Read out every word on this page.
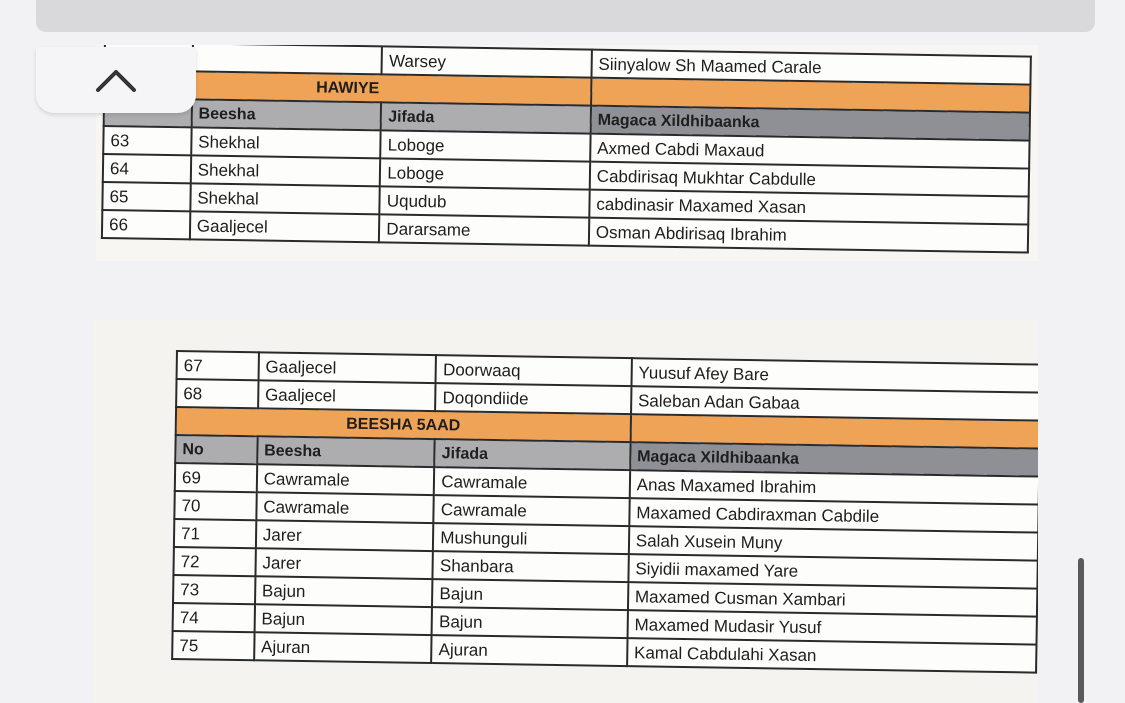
		Warsey	Siinyalow Sh Maamed Carale
HAWIYE			
	Beesha	Jifada	Magaca Xildhibaanka
63	Shekhal	Loboge	Axmed Cabdi Maxaud
64	Shekhal	Loboge	Cabdirisaq Mukhtar Cabdulle
65	Shekhal	Uqudub	cabdinasir Maxamed Xasan
66	Gaaljecel	Dararsame	Osman Abdirisaq Ibrahim
67	Gaaljecel	Doorwaaq	Yuusuf Afey Bare
68	Gaaljecel	Doqondiide	Saleban Adan Gabaa
BEESHA 5AAD			
No	Beesha	Jifada	Magaca Xildhibaanka
69	Cawramale	Cawramale	Anas Maxamed Ibrahim
70	Cawramale	Cawramale	Maxamed Cabdiraxman Cabdile
71	Jarer	Mushunguli	Salah Xusein Muny
72	Jarer	Shanbara	Siyidii maxamed Yare
73	Bajun	Bajun	Maxamed Cusman Xambari
74	Bajun	Bajun	Maxamed Mudasir Yusuf
75	Ajuran	Ajuran	Kamal Cabdulahi Xasan
